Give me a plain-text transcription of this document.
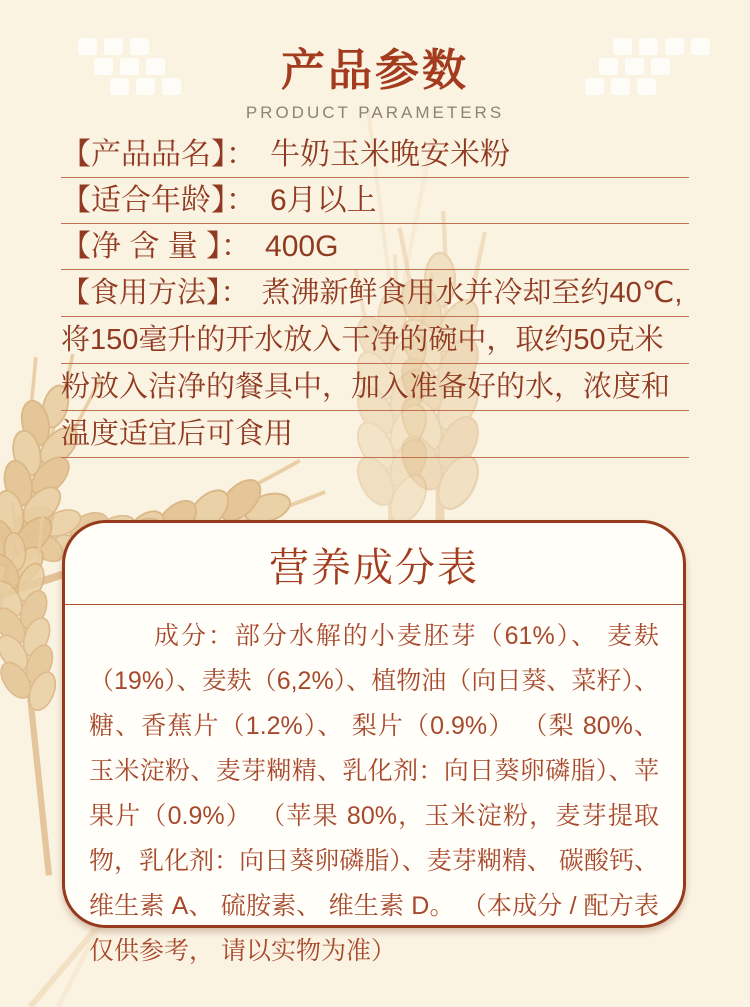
产品参数
PRODUCT PARAMETERS
【产品品名】： 牛奶玉米晚安米粉
【适合年龄】： 6月以上
【净 含 量 】： 400G
【食用方法】： 煮沸新鲜食用水并冷却至约40℃, 将150毫升的开水放入干净的碗中，取约50克米粉放入洁净的餐具中，加入准备好的水，浓度和温度适宜后可食用
营养成分表

成分：部分水解的小麦胚芽（61%）、 麦麸（19%）、麦麸（6,2%）、植物油（向日葵、菜籽）、糖、香蕉片（1.2%）、 梨片（0.9%） （梨 80%、 玉米淀粉、麦芽糊精、乳化剂：向日葵卵磷脂）、苹果片（0.9%） （苹果 80%，玉米淀粉，麦芽提取物，乳化剂：向日葵卵磷脂）、麦芽糊精、 碳酸钙、 维生素 A、 硫胺素、 维生素 D。 （本成分 / 配方表仅供参考， 请以实物为准）
